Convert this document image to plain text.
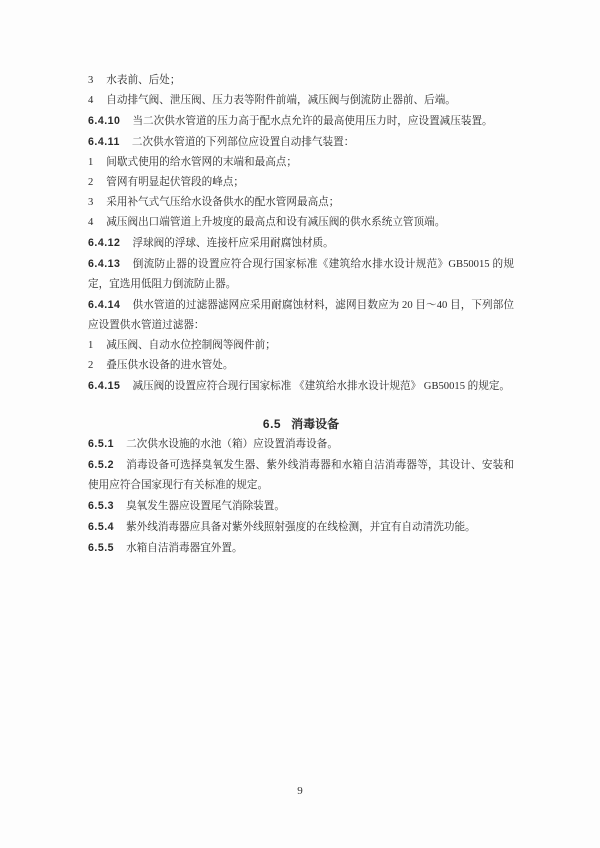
3 水表前、后处；

4 自动排气阀、泄压阀、压力表等附件前端，减压阀与倒流防止器前、后端。

6.4.10 当二次供水管道的压力高于配水点允许的最高使用压力时，应设置减压装置。

6.4.11 二次供水管道的下列部位应设置自动排气装置：

1 间歇式使用的给水管网的末端和最高点；

2 管网有明显起伏管段的峰点；

3 采用补气式气压给水设备供水的配水管网最高点；

4 减压阀出口端管道上升坡度的最高点和设有减压阀的供水系统立管顶端。

6.4.12 浮球阀的浮球、连接杆应采用耐腐蚀材质。

6.4.13 倒流防止器的设置应符合现行国家标准《建筑给水排水设计规范》GB50015 的规定，宜选用低阻力倒流防止器。

6.4.14 供水管道的过滤器滤网应采用耐腐蚀材料，滤网目数应为 20 目～40 目，下列部位应设置供水管道过滤器：

1 减压阀、自动水位控制阀等阀件前；

2 叠压供水设备的进水管处。

6.4.15 减压阀的设置应符合现行国家标准 《建筑给水排水设计规范》 GB50015 的规定。

6.5 消毒设备

6.5.1 二次供水设施的水池（箱）应设置消毒设备。

6.5.2 消毒设备可选择臭氧发生器、紫外线消毒器和水箱自洁消毒器等，其设计、安装和使用应符合国家现行有关标准的规定。

6.5.3 臭氧发生器应设置尾气消除装置。

6.5.4 紫外线消毒器应具备对紫外线照射强度的在线检测，并宜有自动清洗功能。

6.5.5 水箱自洁消毒器宜外置。

9
